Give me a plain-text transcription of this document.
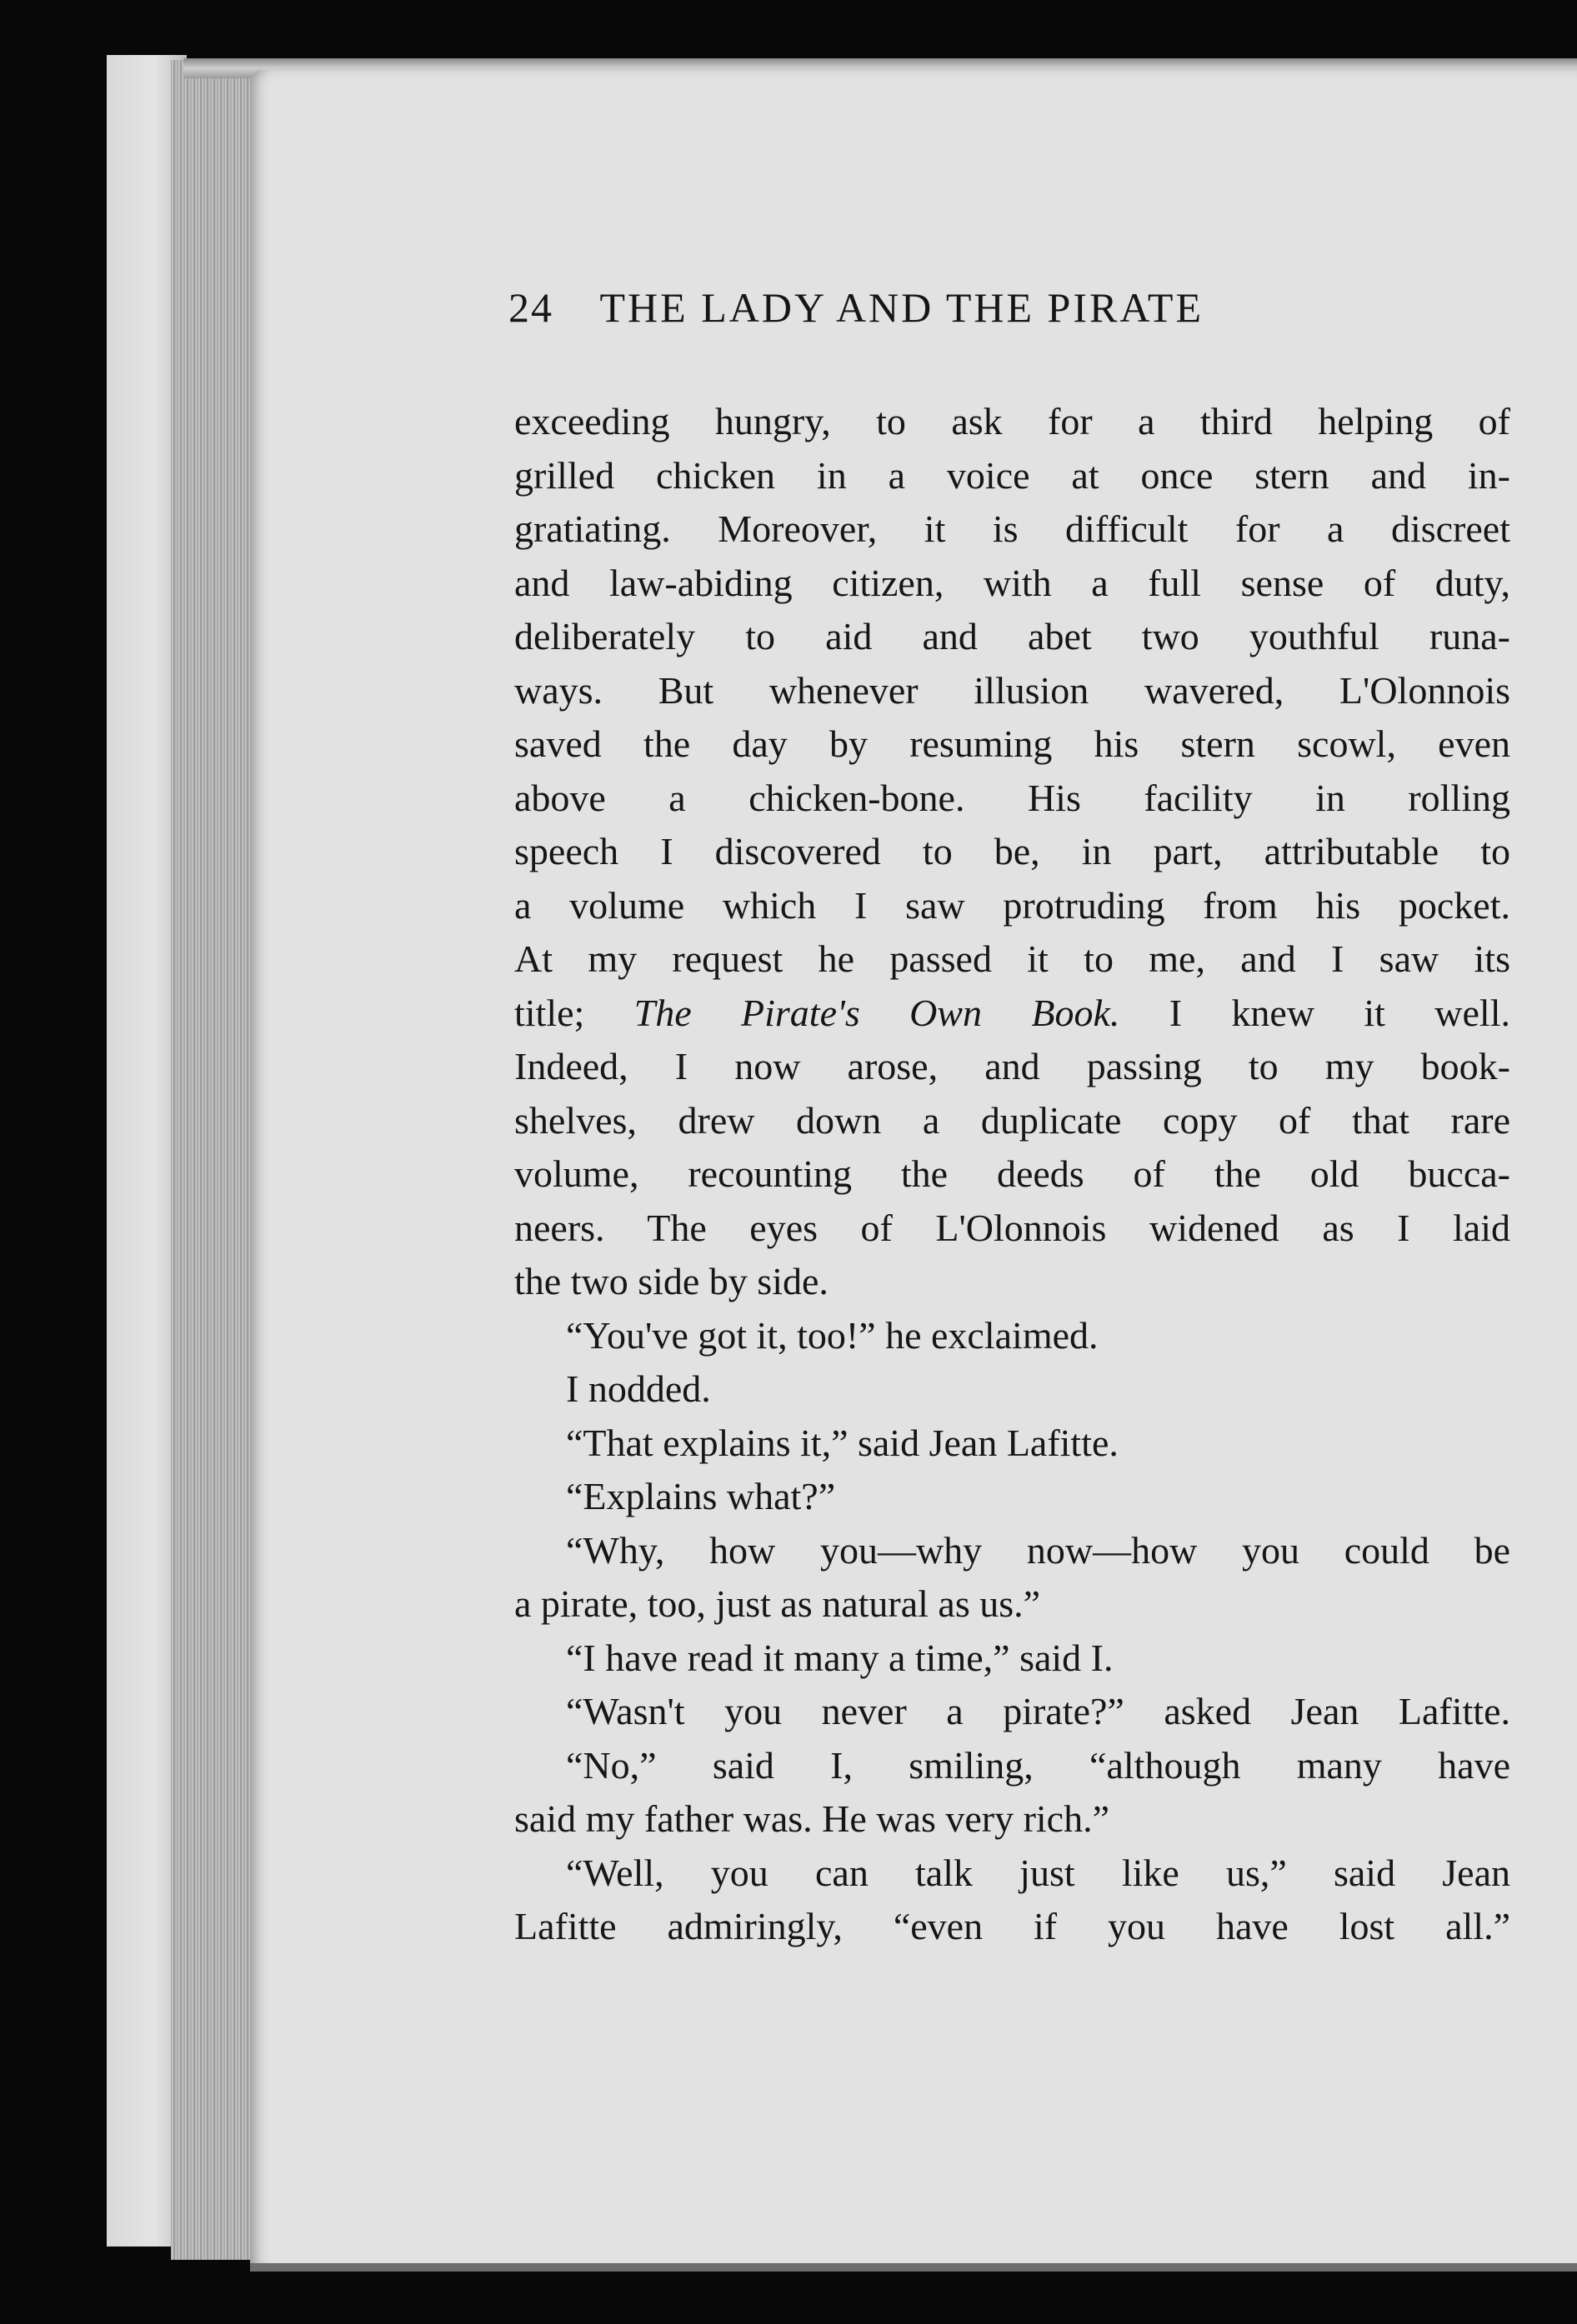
24 THE LADY AND THE PIRATE
exceeding hungry, to ask for a third helping of
grilled chicken in a voice at once stern and in-
gratiating. Moreover, it is difficult for a discreet
and law-abiding citizen, with a full sense of duty,
deliberately to aid and abet two youthful runa-
ways. But whenever illusion wavered, L'Olonnois
saved the day by resuming his stern scowl, even
above a chicken-bone. His facility in rolling
speech I discovered to be, in part, attributable to
a volume which I saw protruding from his pocket.
At my request he passed it to me, and I saw its
title; The Pirate's Own Book. I knew it well.
Indeed, I now arose, and passing to my book-
shelves, drew down a duplicate copy of that rare
volume, recounting the deeds of the old bucca-
neers. The eyes of L'Olonnois widened as I laid
the two side by side.
“You've got it, too!” he exclaimed.
I nodded.
“That explains it,” said Jean Lafitte.
“Explains what?”
“Why, how you—why now—how you could be
a pirate, too, just as natural as us.”
“I have read it many a time,” said I.
“Wasn't you never a pirate?” asked Jean Lafitte.
“No,” said I, smiling, “although many have
said my father was. He was very rich.”
“Well, you can talk just like us,” said Jean
Lafitte admiringly, “even if you have lost all.”
